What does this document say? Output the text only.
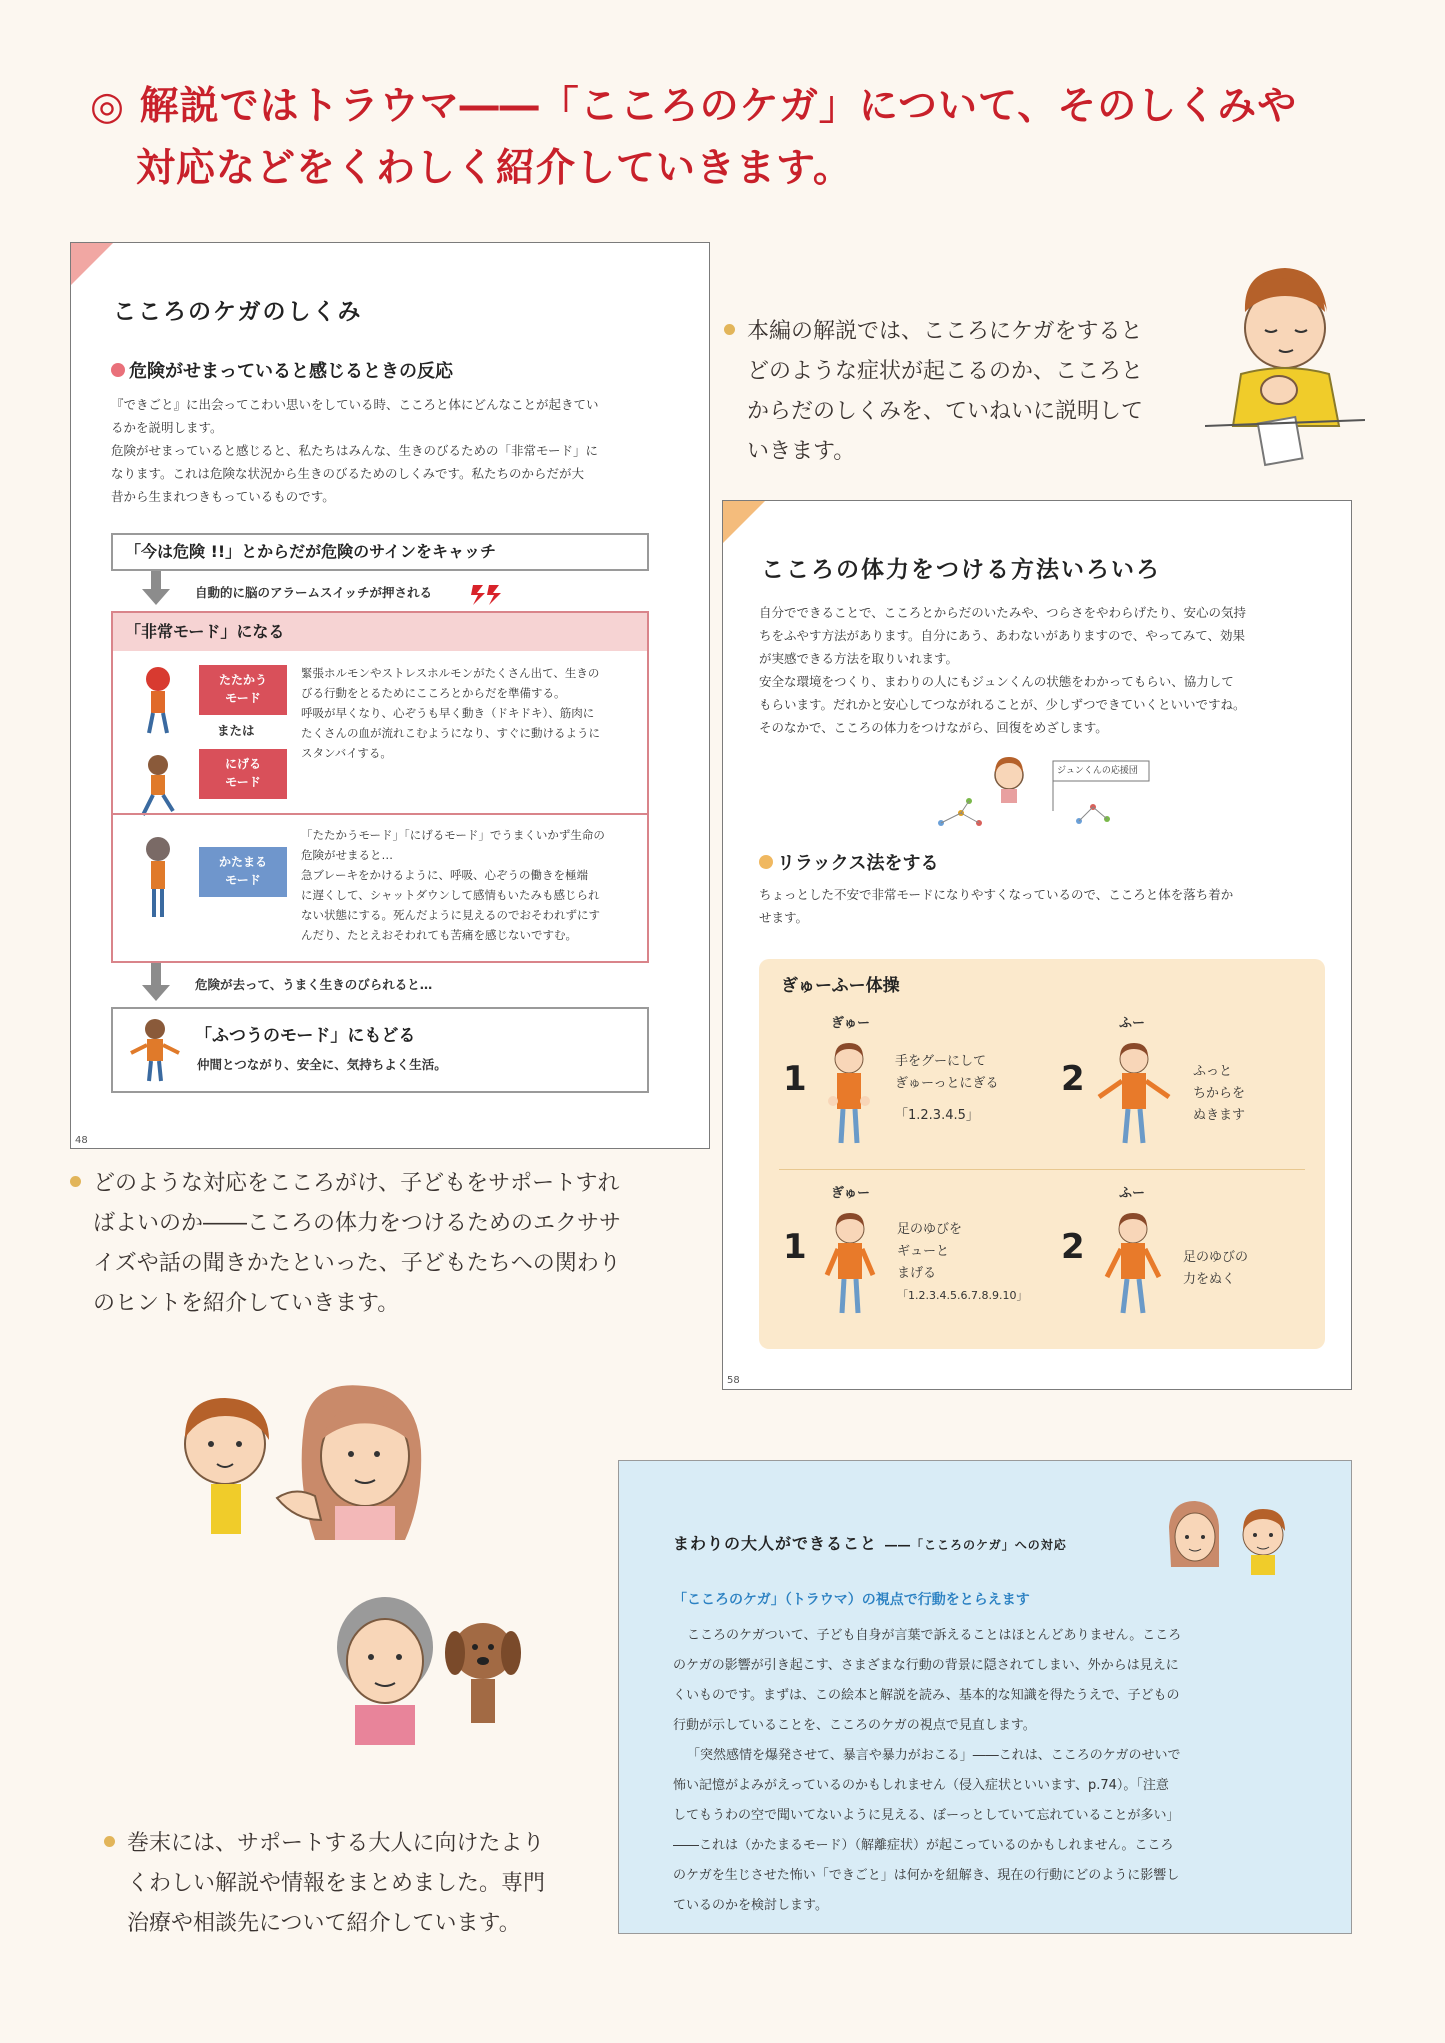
◎ 解説ではトラウマ――「こころのケガ」について、そのしくみや
対応などをくわしく紹介していきます。
こころのケガのしくみ
危険がせまっていると感じるときの反応
『できごと』に出会ってこわい思いをしている時、こころと体にどんなことが起きてい
るかを説明します。
危険がせまっていると感じると、私たちはみんな、生きのびるための「非常モード」に
なります。これは危険な状況から生きのびるためのしくみです。私たちのからだが大
昔から生まれつきもっているものです。
「今は危険 !!」とからだが危険のサインをキャッチ
自動的に脳のアラームスイッチが押される
「非常モード」になる
たたかう
モード
または
にげる
モード
緊張ホルモンやストレスホルモンがたくさん出て、生きの
びる行動をとるためにこころとからだを準備する。
呼吸が早くなり、心ぞうも早く動き（ドキドキ）、筋肉に
たくさんの血が流れこむようになり、すぐに動けるように
スタンバイする。
かたまる
モード
「たたかうモード」「にげるモード」でうまくいかず生命の
危険がせまると…
急ブレーキをかけるように、呼吸、心ぞうの働きを極端
に遅くして、シャットダウンして感情もいたみも感じられ
ない状態にする。死んだように見えるのでおそわれずにす
んだり、たとえおそわれても苦痛を感じないですむ。
危険が去って、うまく生きのびられると…
「ふつうのモード」にもどる
仲間とつながり、安全に、気持ちよく生活。
48
本編の解説では、こころにケガをすると
どのような症状が起こるのか、こころと
からだのしくみを、ていねいに説明して
いきます。
こころの体力をつける方法いろいろ
自分でできることで、こころとからだのいたみや、つらさをやわらげたり、安心の気持
ちをふやす方法があります。自分にあう、あわないがありますので、やってみて、効果
が実感できる方法を取りいれます。
安全な環境をつくり、まわりの人にもジュンくんの状態をわかってもらい、協力して
もらいます。だれかと安心してつながれることが、少しずつできていくといいですね。
そのなかで、こころの体力をつけながら、回復をめざします。
ジュンくんの応援団
リラックス法をする
ちょっとした不安で非常モードになりやすくなっているので、こころと体を落ち着か
せます。
ぎゅーふー体操
ぎゅー
1	手をグーにして
ぎゅーっとにぎる
「1.2.3.4.5」
ふー
2	ふっと
ちからを
ぬきます
ぎゅー
1	足のゆびを
ギューと
まげる
「1.2.3.4.5.6.7.8.9.10」
ふー
2	足のゆびの
力をぬく
58
どのような対応をこころがけ、子どもをサポートすれ
ばよいのか――こころの体力をつけるためのエクササ
イズや話の聞きかたといった、子どもたちへの関わり
のヒントを紹介していきます。
巻末には、サポートする大人に向けたより
くわしい解説や情報をまとめました。専門
治療や相談先について紹介しています。
まわりの大人ができること ――「こころのケガ」への対応
「こころのケガ」（トラウマ）の視点で行動をとらえます
こころのケガついて、子ども自身が言葉で訴えることはほとんどありません。こころ
のケガの影響が引き起こす、さまざまな行動の背景に隠されてしまい、外からは見えに
くいものです。まずは、この絵本と解説を読み、基本的な知識を得たうえで、子どもの
行動が示していることを、こころのケガの視点で見直します。
「突然感情を爆発させて、暴言や暴力がおこる」――これは、こころのケガのせいで
怖い記憶がよみがえっているのかもしれません（侵入症状といいます、p.74）。「注意
してもうわの空で聞いてないように見える、ぼーっとしていて忘れていることが多い」
――これは（かたまるモード）（解離症状）が起こっているのかもしれません。こころ
のケガを生じさせた怖い「できごと」は何かを紐解き、現在の行動にどのように影響し
ているのかを検討します。
